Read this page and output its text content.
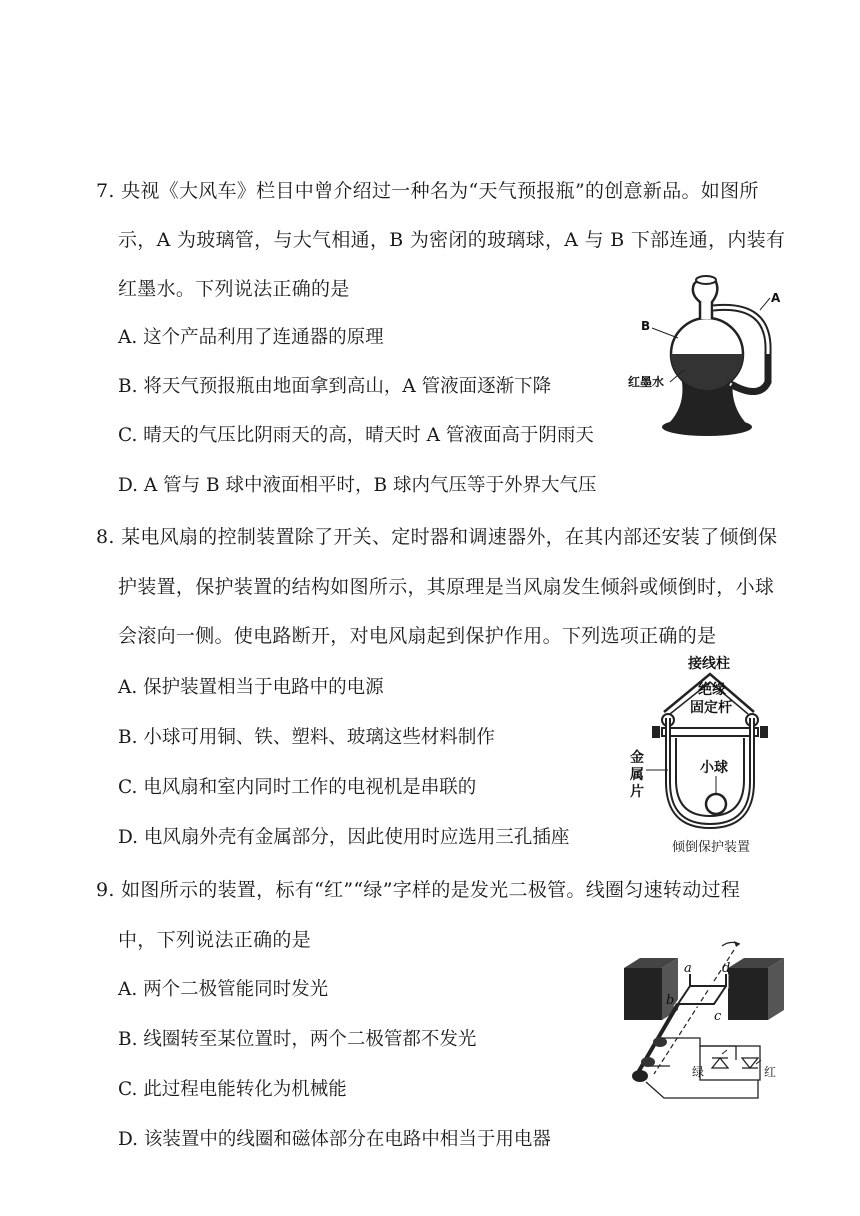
7. 央视《大风车》栏目中曾介绍过一种名为“天气预报瓶”的创意新品。如图所
示，A 为玻璃管，与大气相通，B 为密闭的玻璃球，A 与 B 下部连通，内装有
红墨水。下列说法正确的是
A. 这个产品利用了连通器的原理
B. 将天气预报瓶由地面拿到高山，A 管液面逐渐下降
C. 晴天的气压比阴雨天的高，晴天时 A 管液面高于阴雨天
D. A 管与 B 球中液面相平时，B 球内气压等于外界大气压
A
B
红墨水
8. 某电风扇的控制装置除了开关、定时器和调速器外，在其内部还安装了倾倒保
护装置，保护装置的结构如图所示，其原理是当风扇发生倾斜或倾倒时，小球
会滚向一侧。使电路断开，对电风扇起到保护作用。下列选项正确的是
A. 保护装置相当于电路中的电源
B. 小球可用铜、铁、塑料、玻璃这些材料制作
C. 电风扇和室内同时工作的电视机是串联的
D. 电风扇外壳有金属部分，因此使用时应选用三孔插座
接线柱
绝缘
固定杆
小球
金
属
片
倾倒保护装置
9. 如图所示的装置，标有“红”“绿”字样的是发光二极管。线圈匀速转动过程
中，下列说法正确的是
A. 两个二极管能同时发光
B. 线圈转至某位置时，两个二极管都不发光
C. 此过程电能转化为机械能
D. 该装置中的线圈和磁体部分在电路中相当于用电器
a d
b
c
绿	红
